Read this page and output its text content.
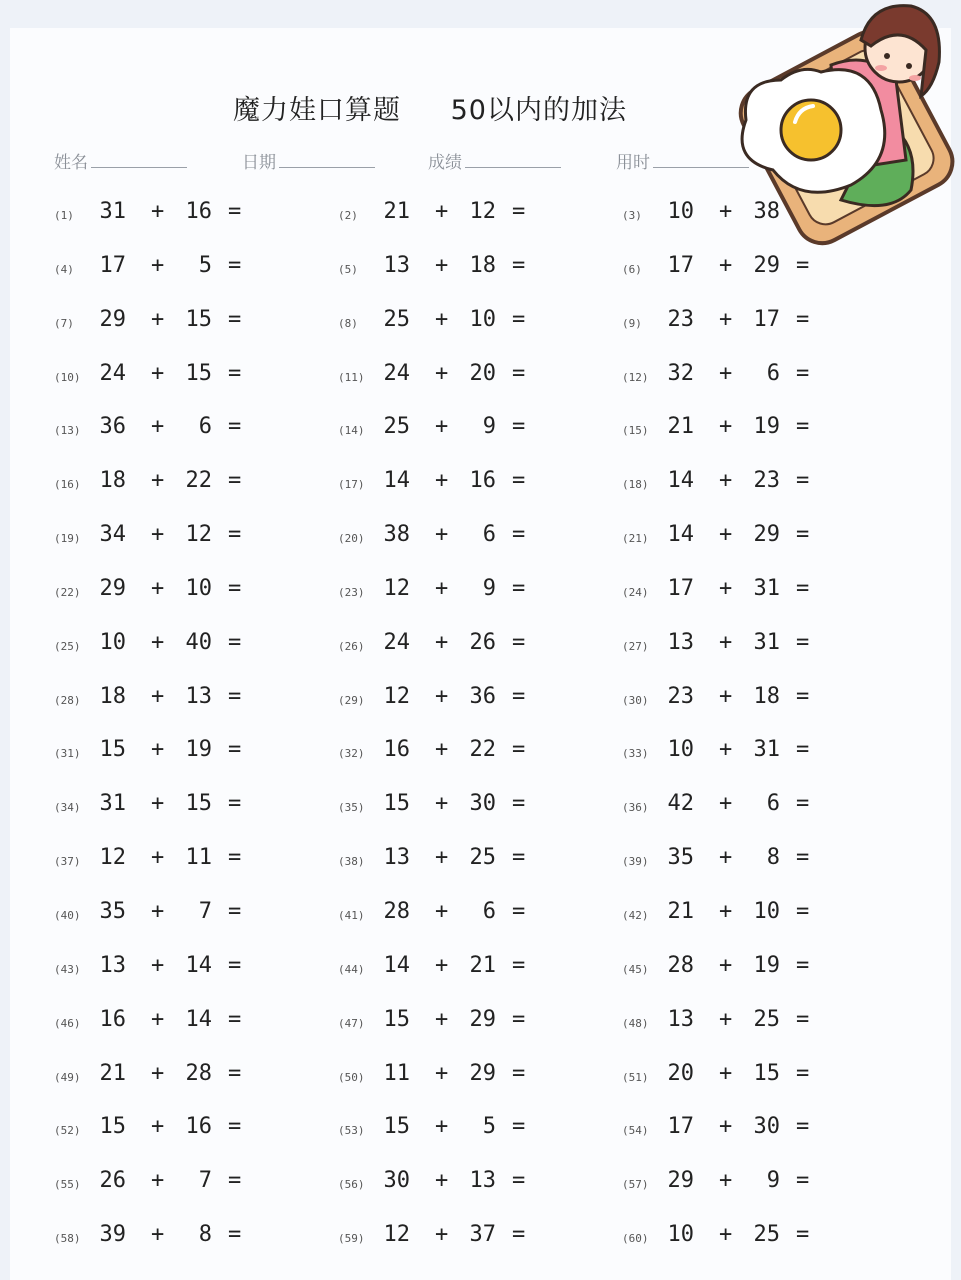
魔力娃口算题 50以内的加法
姓名	日期	成绩	用时
(1) 31 + 16 =	(2) 21 + 12 =	(3) 10 + 38
(4) 17 +	5 =	(5) 13 + 18 =	(6) 17 + 29 =
(7) 29 + 15 =	(8) 25 + 10 =	(9) 23 + 17 =
(10) 24 + 15 =	(11) 24 + 20 =	(12) 32 +	6 =
(13) 36 +	6 =	(14) 25 +	9 =	(15) 21 + 19 =
(16) 18 + 22 =	(17) 14 + 16 =	(18) 14 + 23 =
(19) 34 + 12 =	(20) 38 +	6 =	(21) 14 + 29 =
(22) 29 + 10 =	(23) 12 +	9 =	(24) 17 + 31 =
(25) 10 + 40 =	(26) 24 + 26 =	(27) 13 + 31 =
(28) 18 + 13 =	(29) 12 + 36 =	(30) 23 + 18 =
(31) 15 + 19 =	(32) 16 + 22 =	(33) 10 + 31 =
(34) 31 + 15 =	(35) 15 + 30 =	(36) 42 +	6 =
(37) 12 + 11 =	(38) 13 + 25 =	(39) 35 +	8 =
(40) 35 +	7 =	(41) 28 +	6 =	(42) 21 + 10 =
(43) 13 + 14 =	(44) 14 + 21 =	(45) 28 + 19 =
(46) 16 + 14 =	(47) 15 + 29 =	(48) 13 + 25 =
(49) 21 + 28 =	(50) 11 + 29 =	(51) 20 + 15 =
(52) 15 + 16 =	(53) 15 +	5 =	(54) 17 + 30 =
(55) 26 +	7 =	(56) 30 + 13 =	(57) 29 +	9 =
(58) 39 +	8 =	(59) 12 + 37 =	(60) 10 + 25 =
